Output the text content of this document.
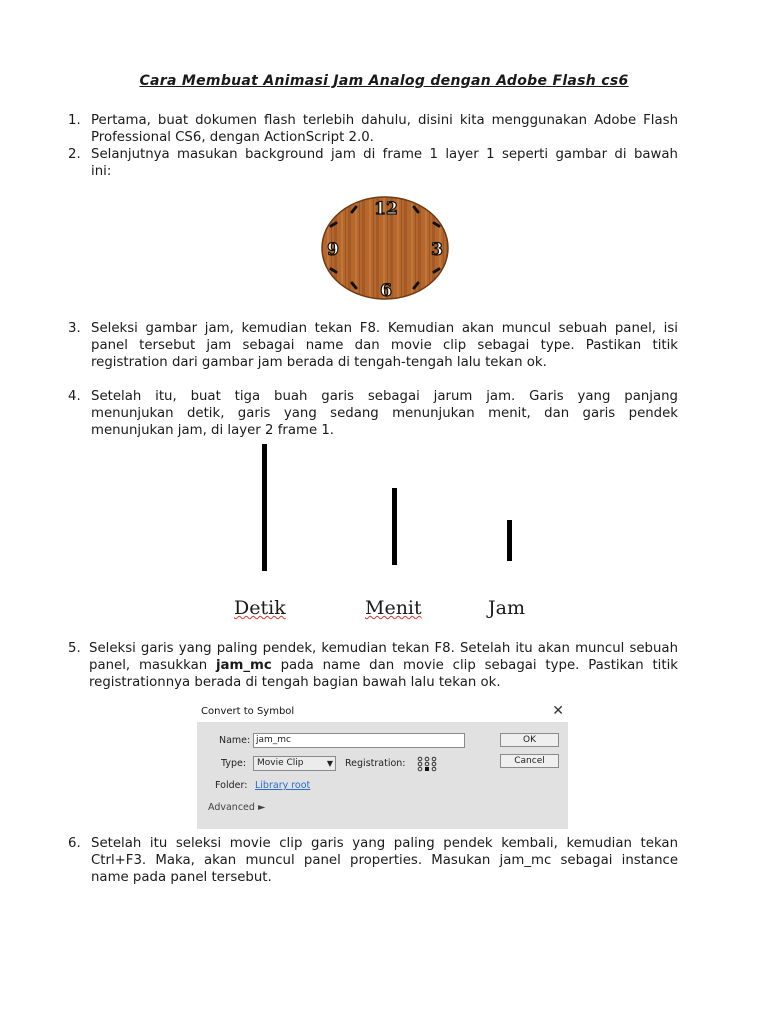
Cara Membuat Animasi Jam Analog dengan Adobe Flash cs6
1. Pertama, buat dokumen flash terlebih dahulu, disini kita menggunakan Adobe Flash
Professional CS6, dengan ActionScript 2.0.
2. Selanjutnya masukan background jam di frame 1 layer 1 seperti gambar di bawah
ini:
12
3
6
9
3. Seleksi gambar jam, kemudian tekan F8. Kemudian akan muncul sebuah panel, isi
panel tersebut jam sebagai name dan movie clip sebagai type. Pastikan titik
registration dari gambar jam berada di tengah-tengah lalu tekan ok.
4. Setelah itu, buat tiga buah garis sebagai jarum jam. Garis yang panjang
menunjukan detik, garis yang sedang menunjukan menit, dan garis pendek
menunjukan jam, di layer 2 frame 1.
Detik	Menit	Jam
5. Seleksi garis yang paling pendek, kemudian tekan F8. Setelah itu akan muncul sebuah panel, masukkan jam_mc pada name dan movie clip sebagai type. Pastikan titik registrationnya berada di tengah bagian bawah lalu tekan ok.
Convert to Symbol	✕
Name: jam_mc
Type:	Movie Clip	▼ Registration:
Folder: Library root
Advanced ►
OK
Cancel
6. Setelah itu seleksi movie clip garis yang paling pendek kembali, kemudian tekan
Ctrl+F3. Maka, akan muncul panel properties. Masukan jam_mc sebagai instance
name pada panel tersebut.
